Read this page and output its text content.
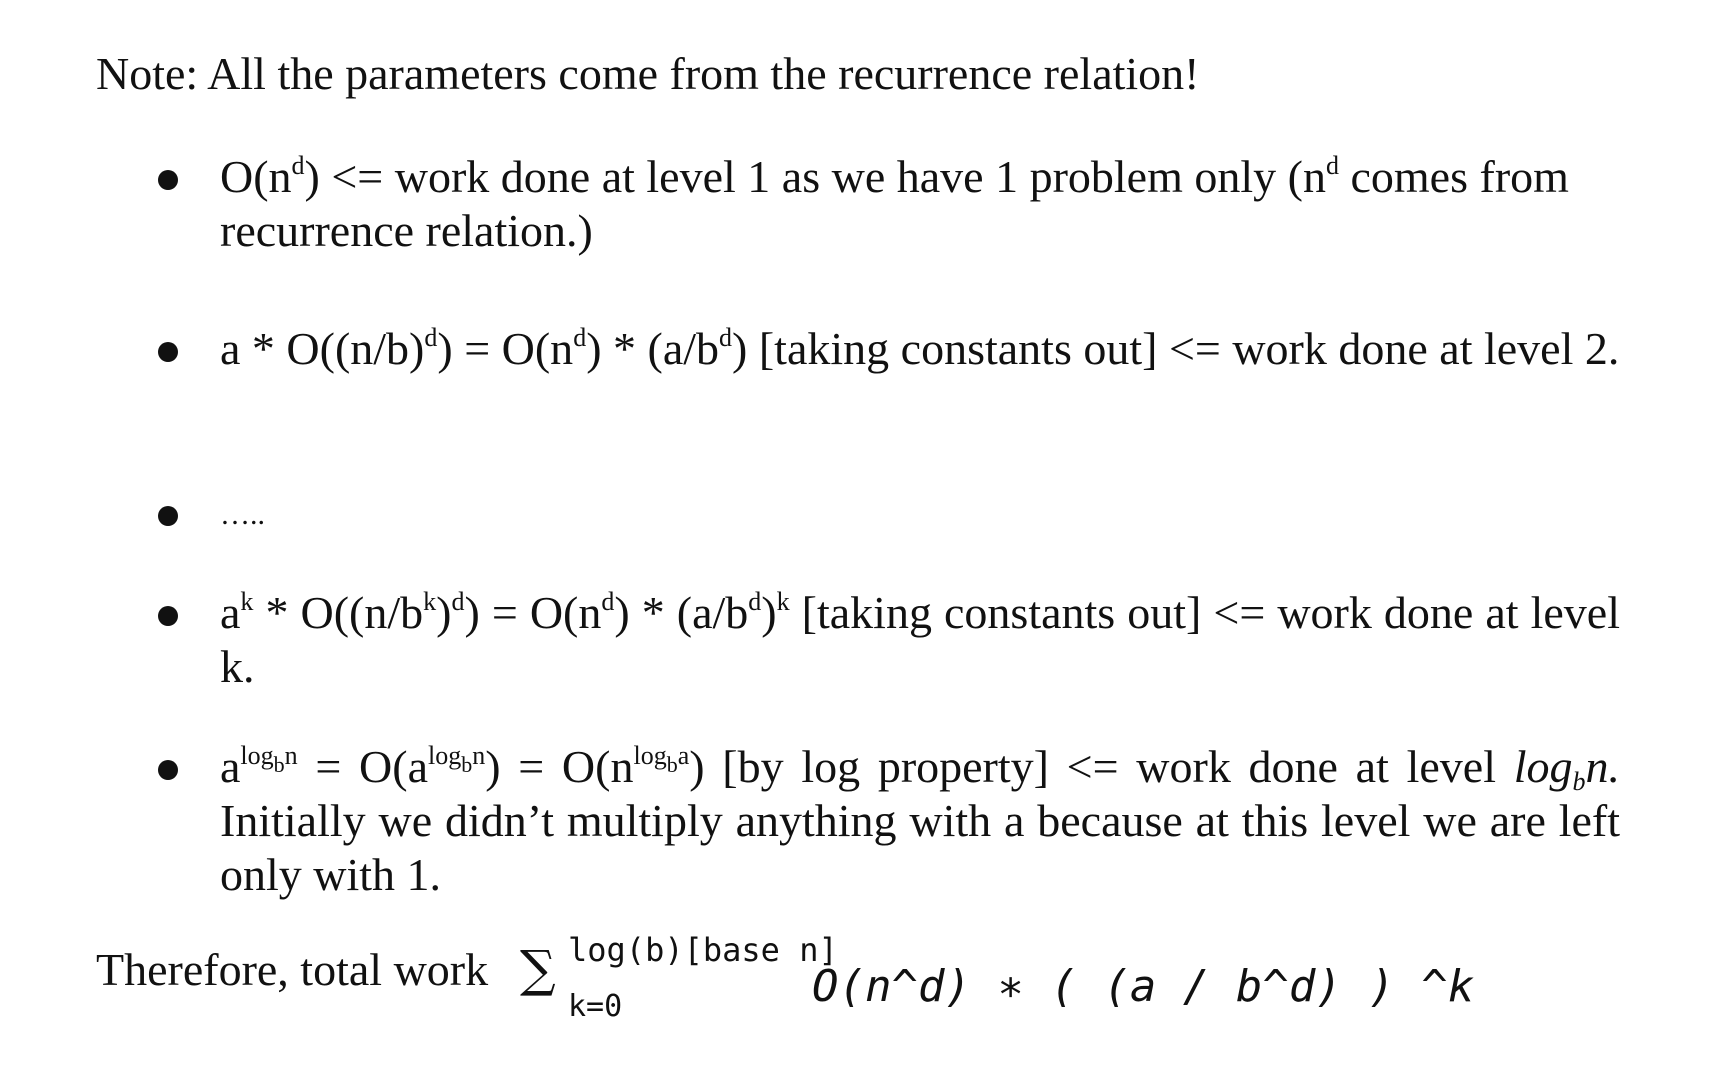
Note: All the parameters come from the recurrence relation!
$O(n^d)$ <= work done at level 1 as we have 1 problem only ($n^d$ comes from recurrence relation.)
$a * O((n/b)^d) = O(n^d) * (a/b^d)$ [taking constants out] <= work done at level 2.
…..
$a^k * O((n/b^k)^d) = O(n^d) * (a/b^d)^k$ [taking constants out] <= work done at level k.
$a^{log_bn} = O(a^{log_bn}) = O(n^{log_ba})$ [by log property] <= work done at level $\log_bn$. Initially we didn’t multiply anything with a because at this level we are left only with 1.
Therefore, total work ∑ log(b)[base n]
k=0	O(n^d) ∗ ( (a / b^d) ) ^k
